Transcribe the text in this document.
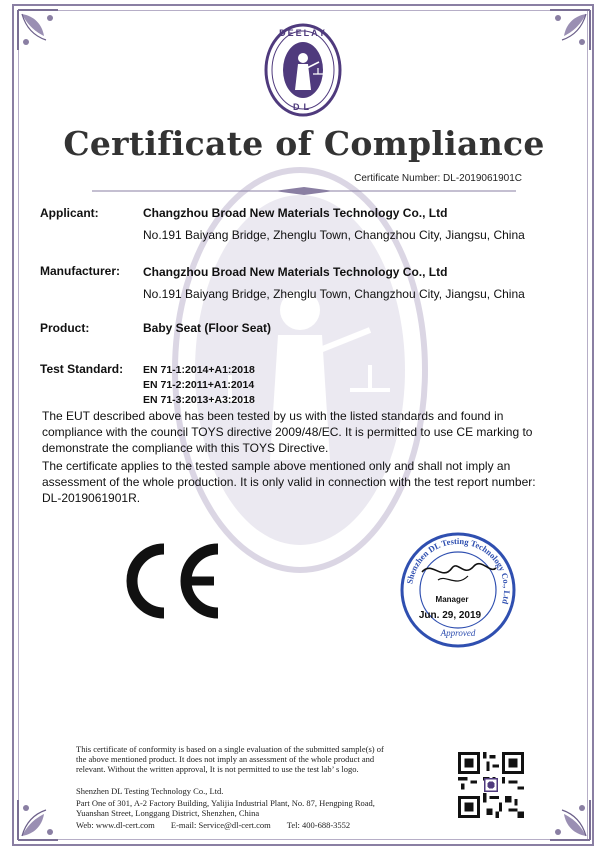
DEELAY
DL
Certificate of Compliance
Certificate Number: DL-2019061901C
Applicant:	Changzhou Broad New Materials Technology Co., Ltd
No.191 Baiyang Bridge, Zhenglu Town, Changzhou City, Jiangsu, China
Manufacturer: Changzhou Broad New Materials Technology Co., Ltd
No.191 Baiyang Bridge, Zhenglu Town, Changzhou City, Jiangsu, China
Product:	Baby Seat (Floor Seat)
Test Standard: EN 71-1:2014+A1:2018
EN 71-2:2011+A1:2014
EN 71-3:2013+A3:2018
The EUT described above has been tested by us with the listed standards and found in
compliance with the council TOYS directive 2009/48/EC. It is permitted to use CE marking to
demonstrate the compliance with this TOYS Directive.
The certificate applies to the tested sample above mentioned only and shall not imply an
assessment of the whole production. It is only valid in connection with the test report number:
DL-2019061901R.
Shenzhen DL Testing Technology Co., Ltd
Approved
Manager
Jun. 29, 2019
This certificate of conformity is based on a single evaluation of the submitted sample(s) of
the above mentioned product. It does not imply an assessment of the whole product and
relevant. Without the written approval, It is not permitted to use the test lab’ s logo.
Shenzhen DL Testing Technology Co., Ltd.
Part One of 301, A-2 Factory Building, Yalijia Industrial Plant, No. 87, Hengping Road,
Yuanshan Street, Longgang District, Shenzhen, China
Web: www.dl-cert.com E-mail: Service@dl-cert.com Tel: 400-688-3552
